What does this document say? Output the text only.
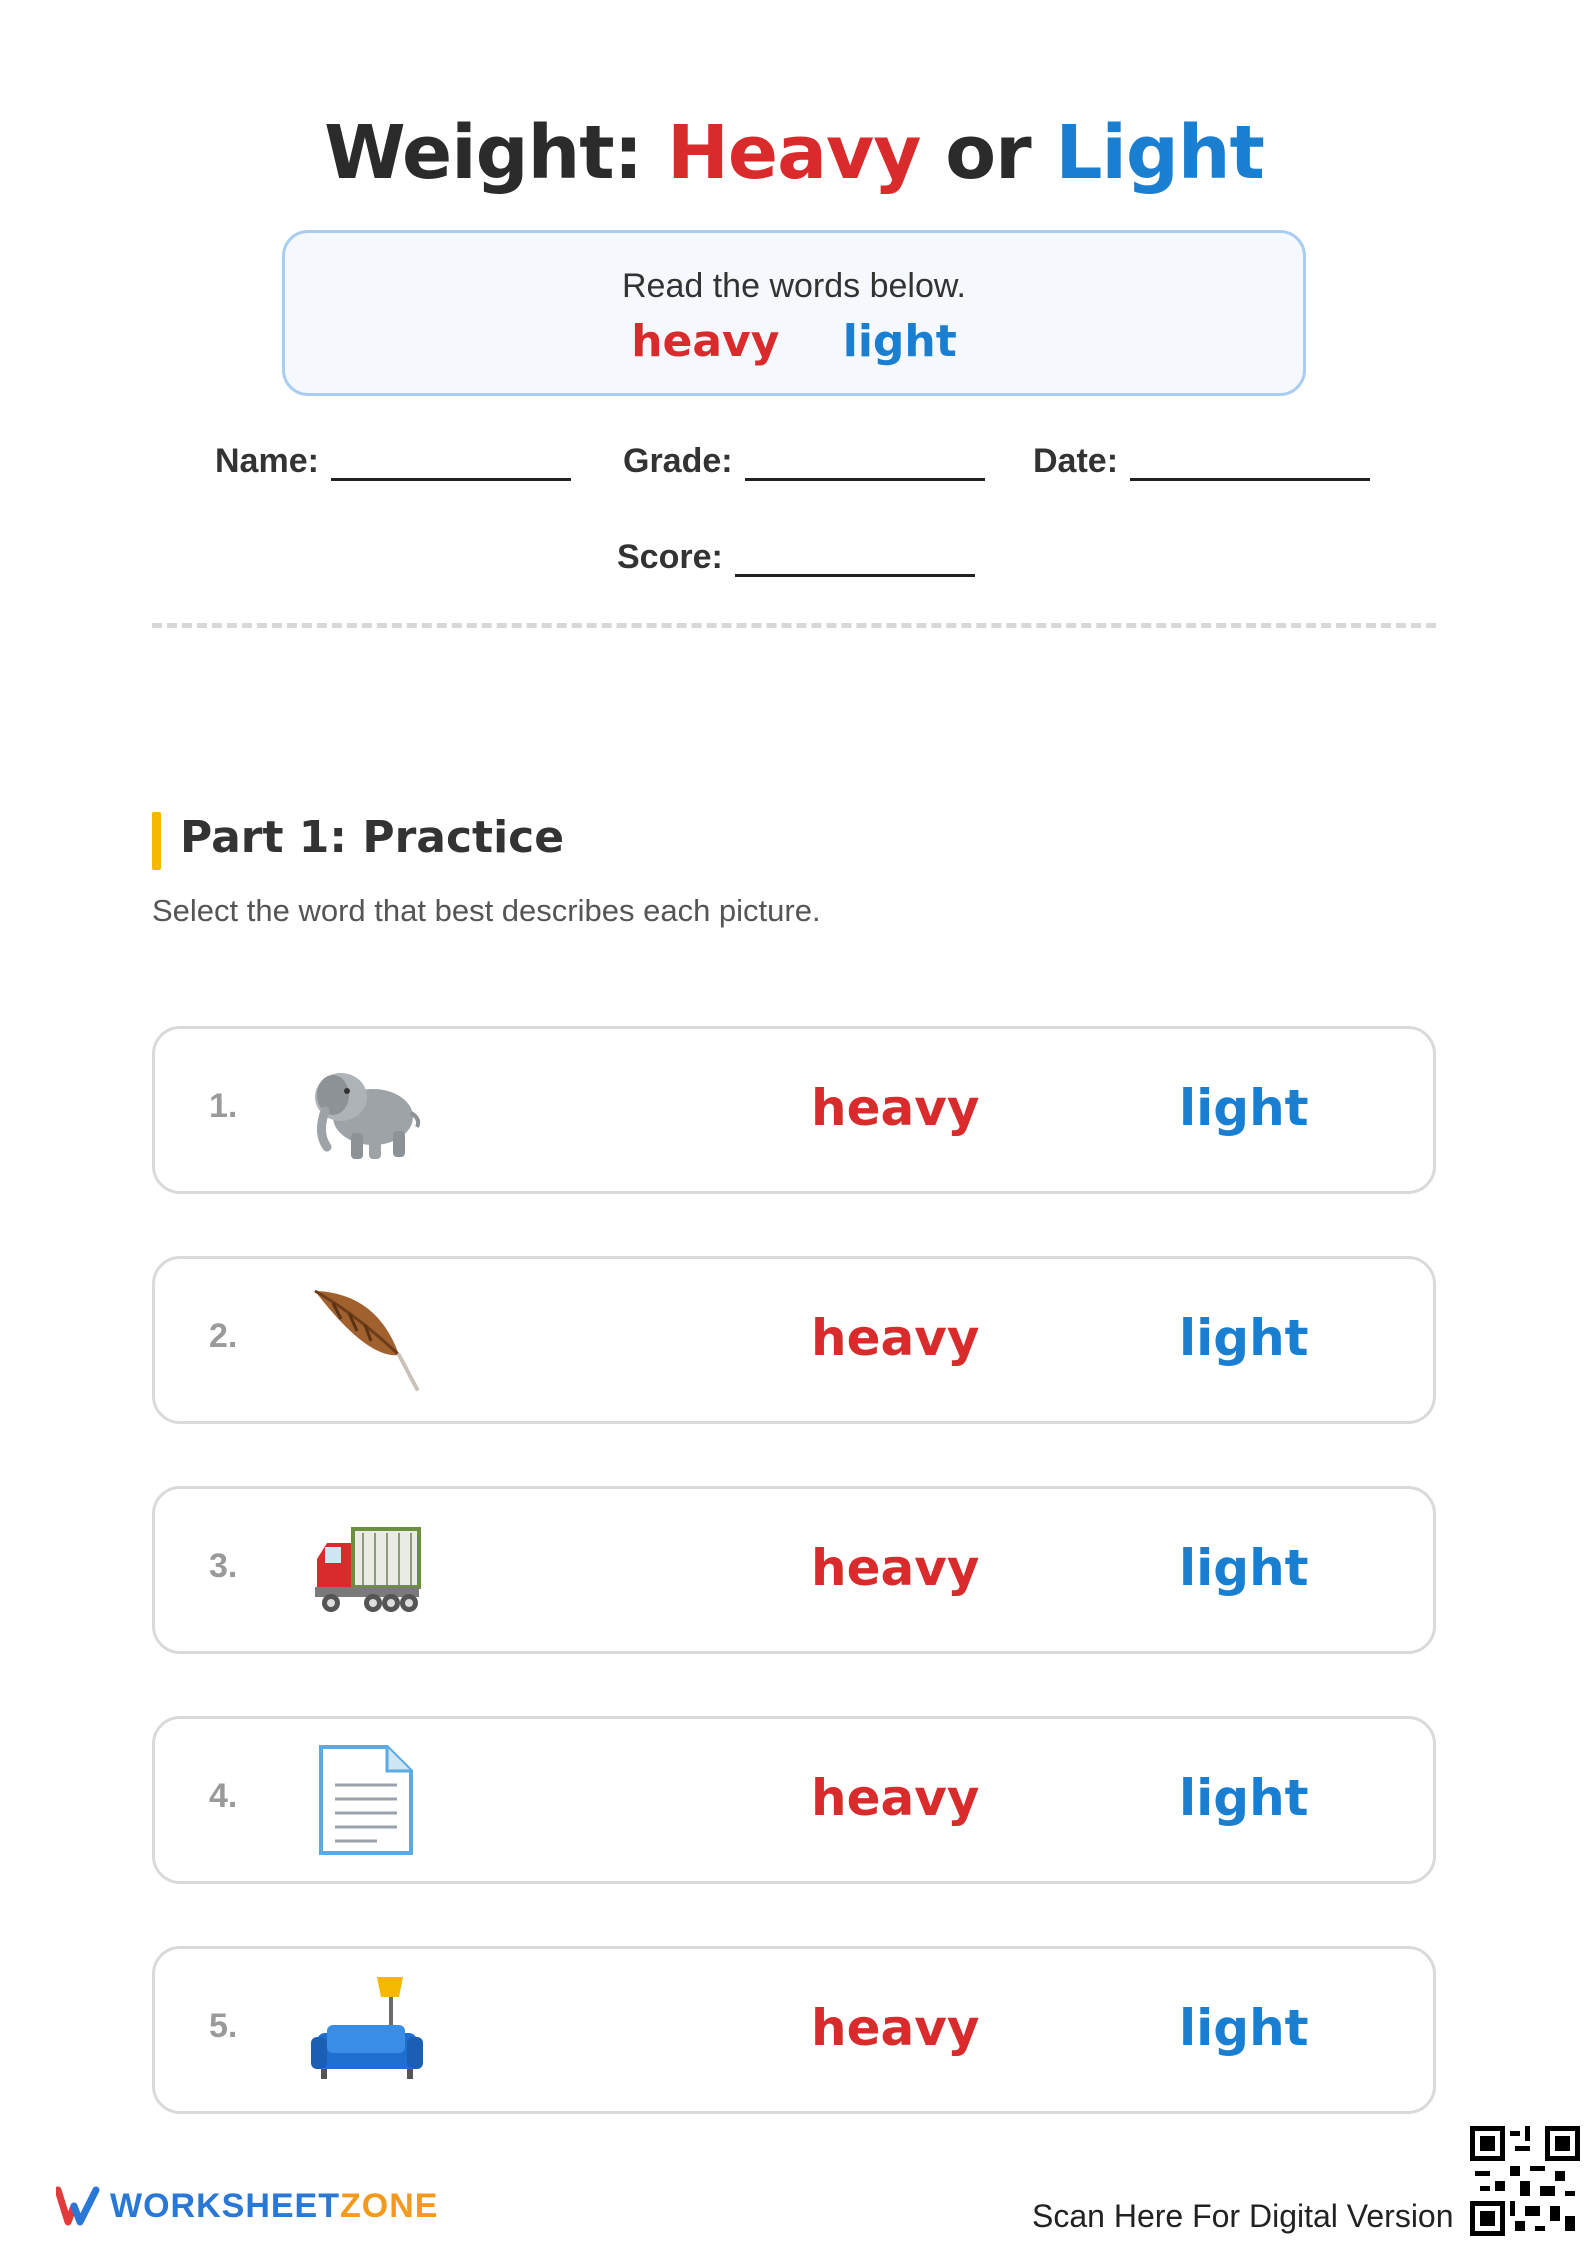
Weight: Heavy or Light
Read the words below.
heavy light
Name:	Grade:	Date:
Score:
Part 1: Practice
Select the word that best describes each picture.
1.	heavy	light
2.	heavy	light
3.	heavy	light
4.	heavy	light
5.	heavy	light
WORKSHEETZONE	Scan Here For Digital Version
